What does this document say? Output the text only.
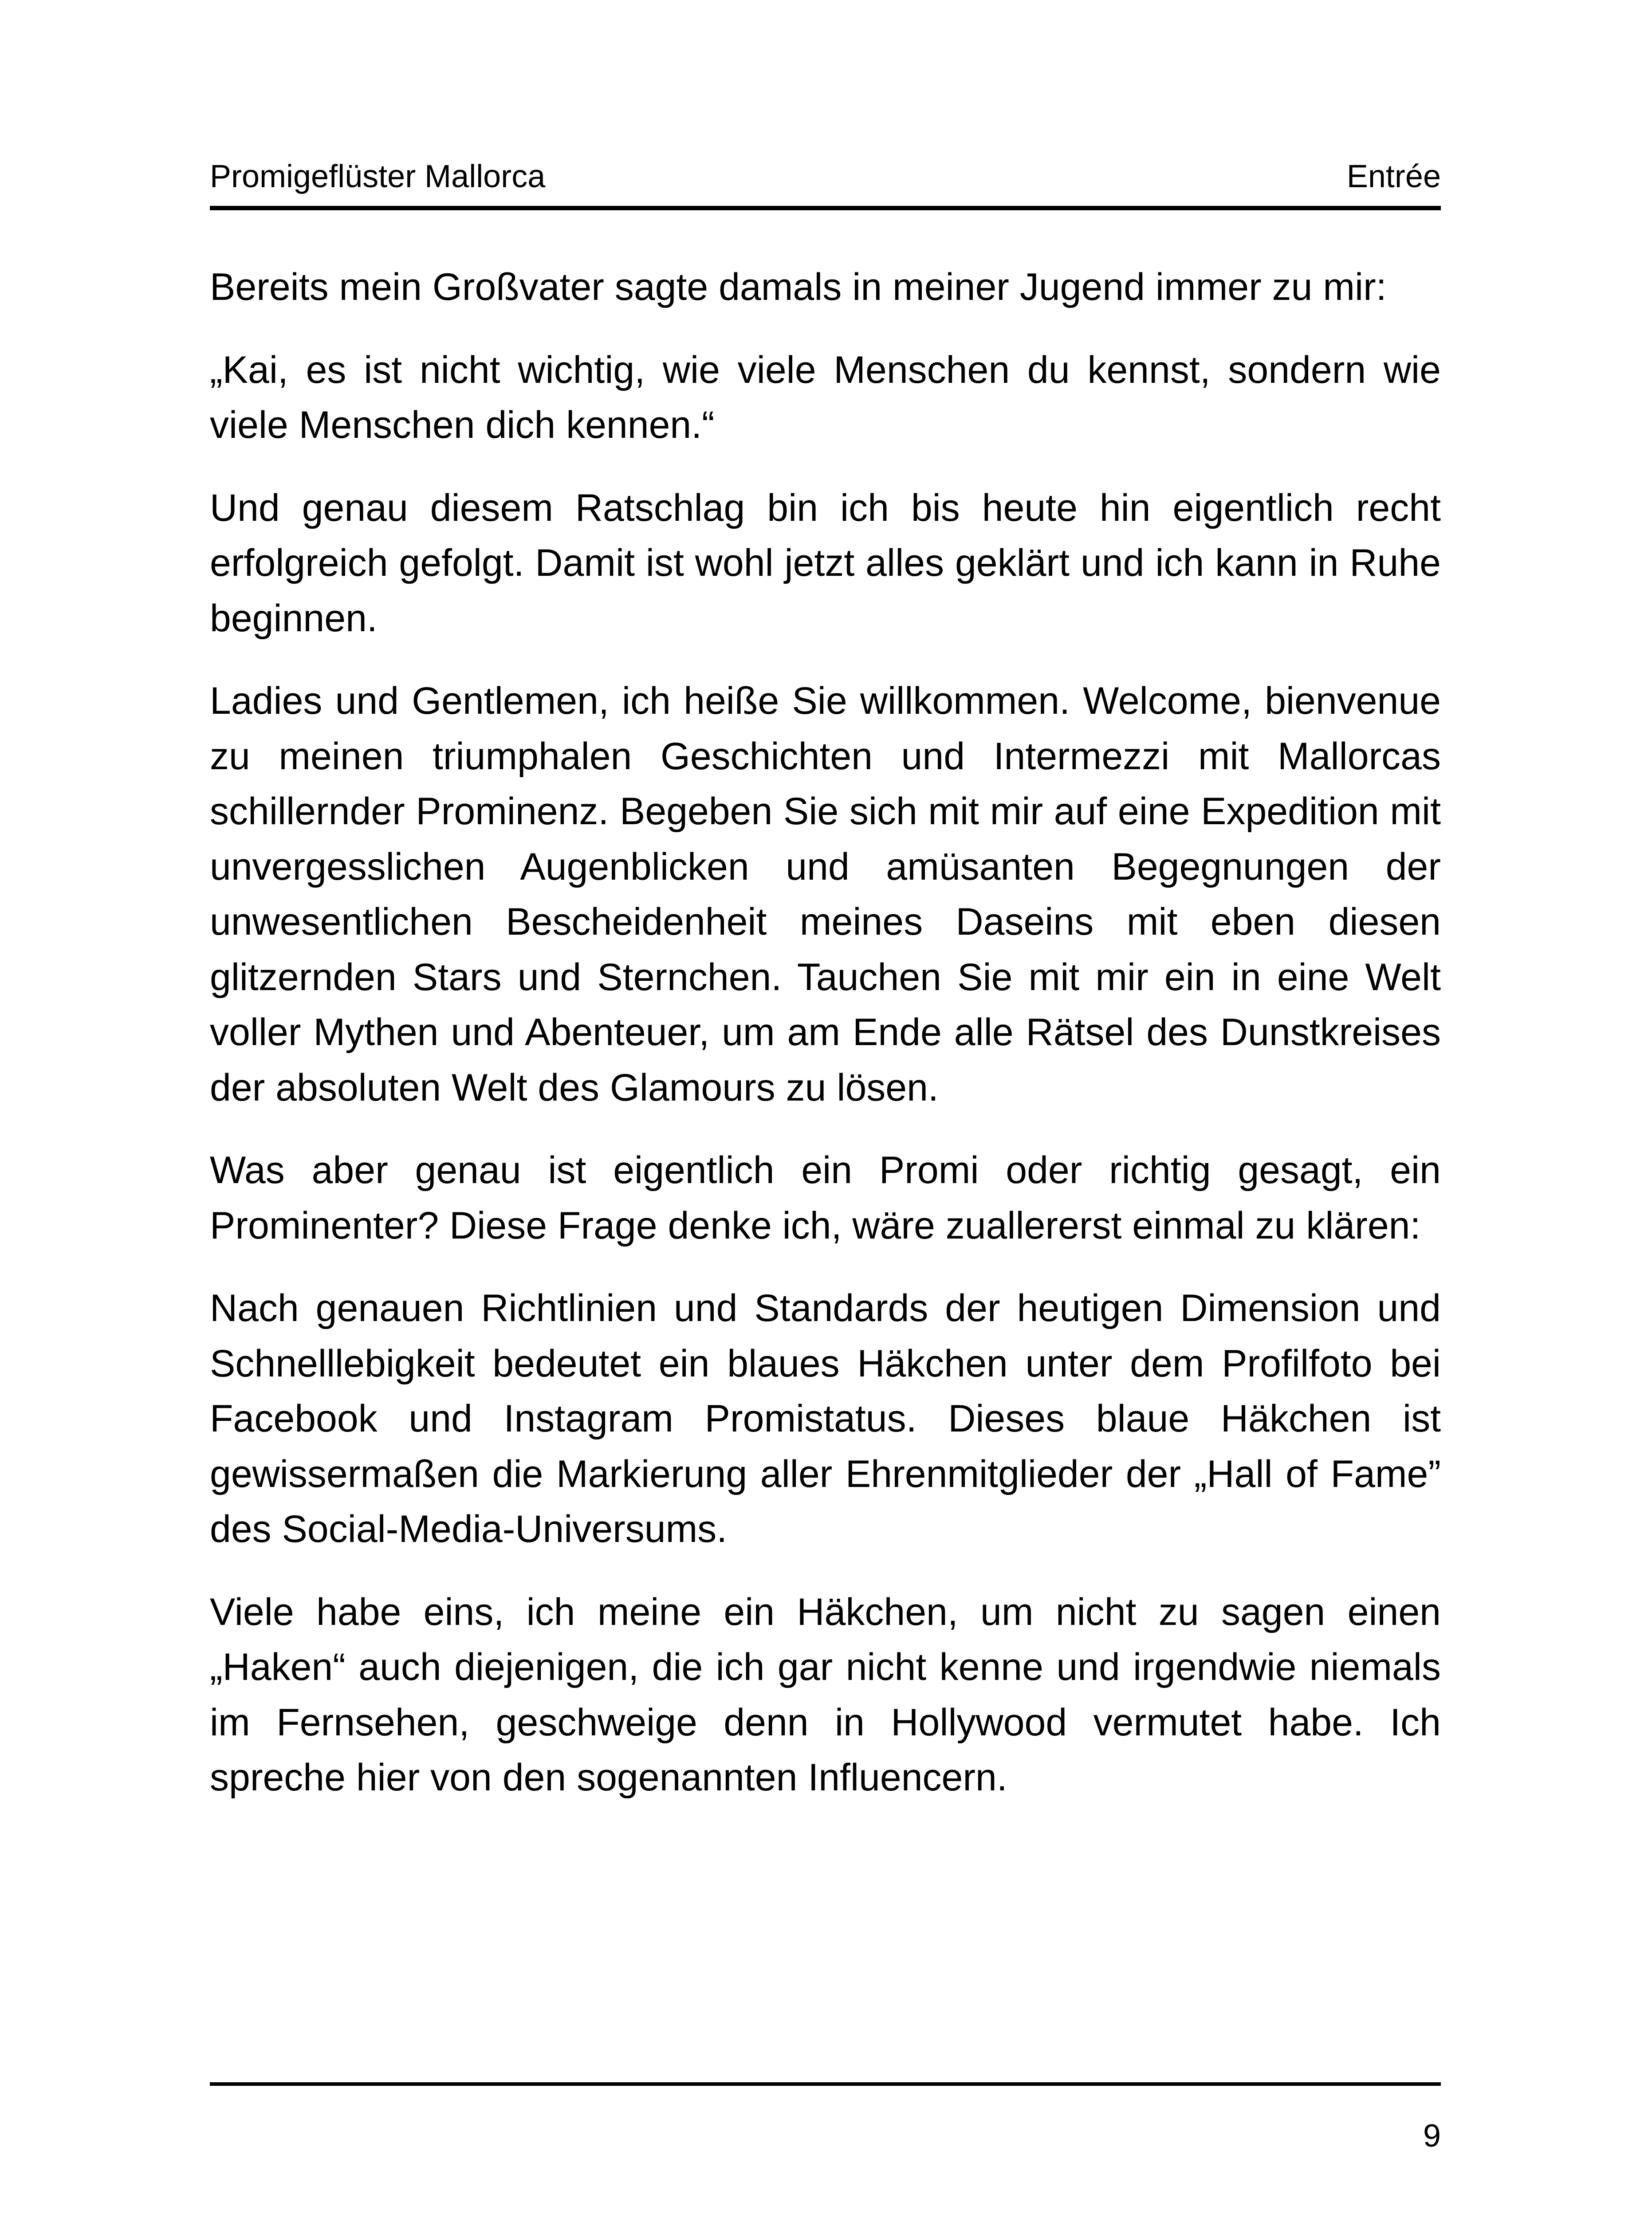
Promigeflüster Mallorca	Entrée

Bereits mein Großvater sagte damals in meiner Jugend immer zu mir:

„Kai, es ist nicht wichtig, wie viele Menschen du kennst, sondern wie viele Menschen dich kennen.“

Und genau diesem Ratschlag bin ich bis heute hin eigentlich recht erfolgreich gefolgt. Damit ist wohl jetzt alles geklärt und ich kann in Ruhe beginnen.

Ladies und Gentlemen, ich heiße Sie willkommen. Welcome, bienvenue zu meinen triumphalen Geschichten und Intermezzi mit Mallorcas schillernder Prominenz. Begeben Sie sich mit mir auf eine Expedition mit unvergesslichen Augenblicken und amüsanten Begegnungen der unwesentlichen Bescheidenheit meines Daseins mit eben diesen glitzernden Stars und Sternchen. Tauchen Sie mit mir ein in eine Welt voller Mythen und Abenteuer, um am Ende alle Rätsel des Dunstkreises der absoluten Welt des Glamours zu lösen.

Was aber genau ist eigentlich ein Promi oder richtig gesagt, ein Prominenter? Diese Frage denke ich, wäre zuallererst einmal zu klären:

Nach genauen Richtlinien und Standards der heutigen Dimension und Schnelllebigkeit bedeutet ein blaues Häkchen unter dem Profilfoto bei Facebook und Instagram Promistatus. Dieses blaue Häkchen ist gewissermaßen die Markierung aller Ehrenmitglieder der „Hall of Fame” des Social-Media-Universums.

Viele habe eins, ich meine ein Häkchen, um nicht zu sagen einen „Haken“ auch diejenigen, die ich gar nicht kenne und irgendwie niemals im Fernsehen, geschweige denn in Hollywood vermutet habe. Ich spreche hier von den sogenannten Influencern.

9
